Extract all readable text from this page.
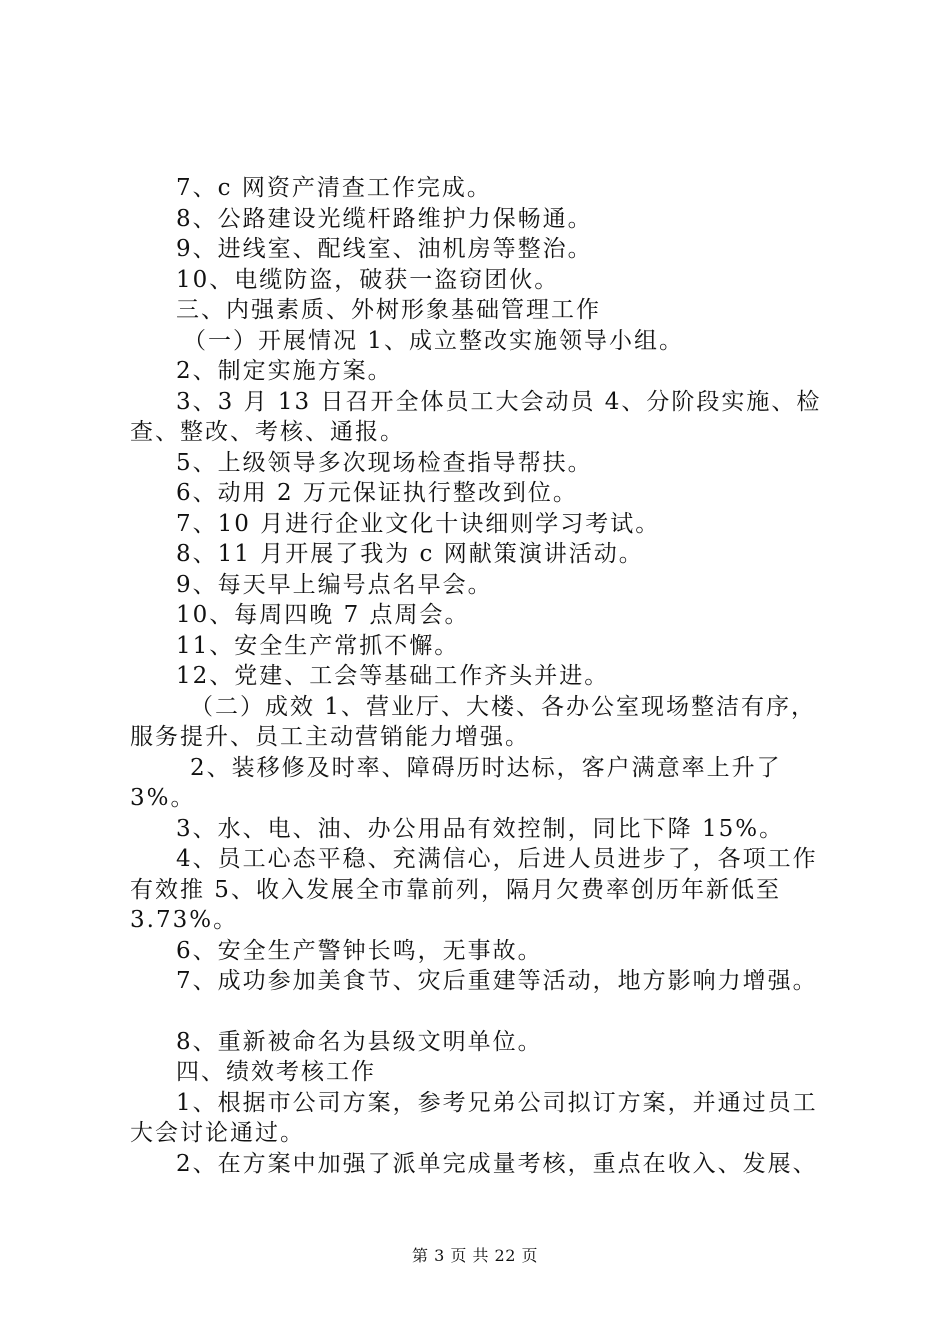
7、c 网资产清查工作完成。

8、公路建设光缆杆路维护力保畅通。

9、进线室、配线室、油机房等整治。

10、电缆防盗，破获一盗窃团伙。

三、内强素质、外树形象基础管理工作

（一）开展情况 1、成立整改实施领导小组。

2、制定实施方案。

3、3 月 13 日召开全体员工大会动员 4、分阶段实施、检查、整改、考核、通报。

5、上级领导多次现场检查指导帮扶。

6、动用 2 万元保证执行整改到位。

7、10 月进行企业文化十诀细则学习考试。

8、11 月开展了我为 c 网献策演讲活动。

9、每天早上编号点名早会。

10、每周四晚 7 点周会。

11、安全生产常抓不懈。

12、党建、工会等基础工作齐头并进。

（二）成效 1、营业厅、大楼、各办公室现场整洁有序，服务提升、员工主动营销能力增强。

2、装移修及时率、障碍历时达标，客户满意率上升了 3%。

3、水、电、油、办公用品有效控制，同比下降 15%。

4、员工心态平稳、充满信心，后进人员进步了，各项工作有效推 5、收入发展全市靠前列，隔月欠费率创历年新低至 3.73%。

6、安全生产警钟长鸣，无事故。

7、成功参加美食节、灾后重建等活动，地方影响力增强。

8、重新被命名为县级文明单位。

四、绩效考核工作

1、根据市公司方案，参考兄弟公司拟订方案，并通过员工大会讨论通过。

2、在方案中加强了派单完成量考核，重点在收入、发展、

第 3 页 共 22 页
